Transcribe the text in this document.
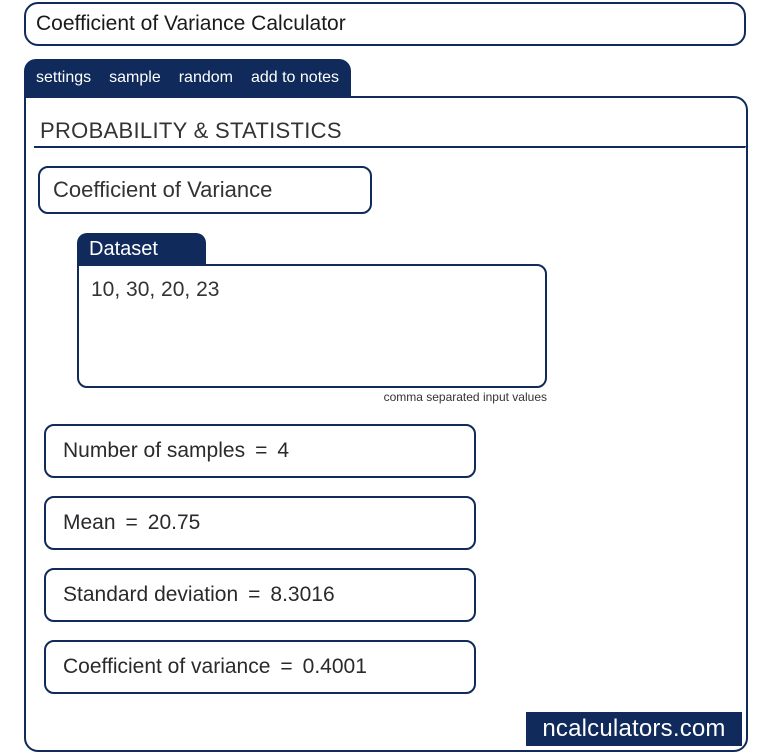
Coefficient of Variance Calculator
settings	sample	random	add to notes
PROBABILITY & STATISTICS
Coefficient of Variance
Dataset
10, 30, 20, 23
comma separated input values
Number of samples = 4
Mean = 20.75
Standard deviation = 8.3016
Coefficient of variance = 0.4001
ncalculators.com
